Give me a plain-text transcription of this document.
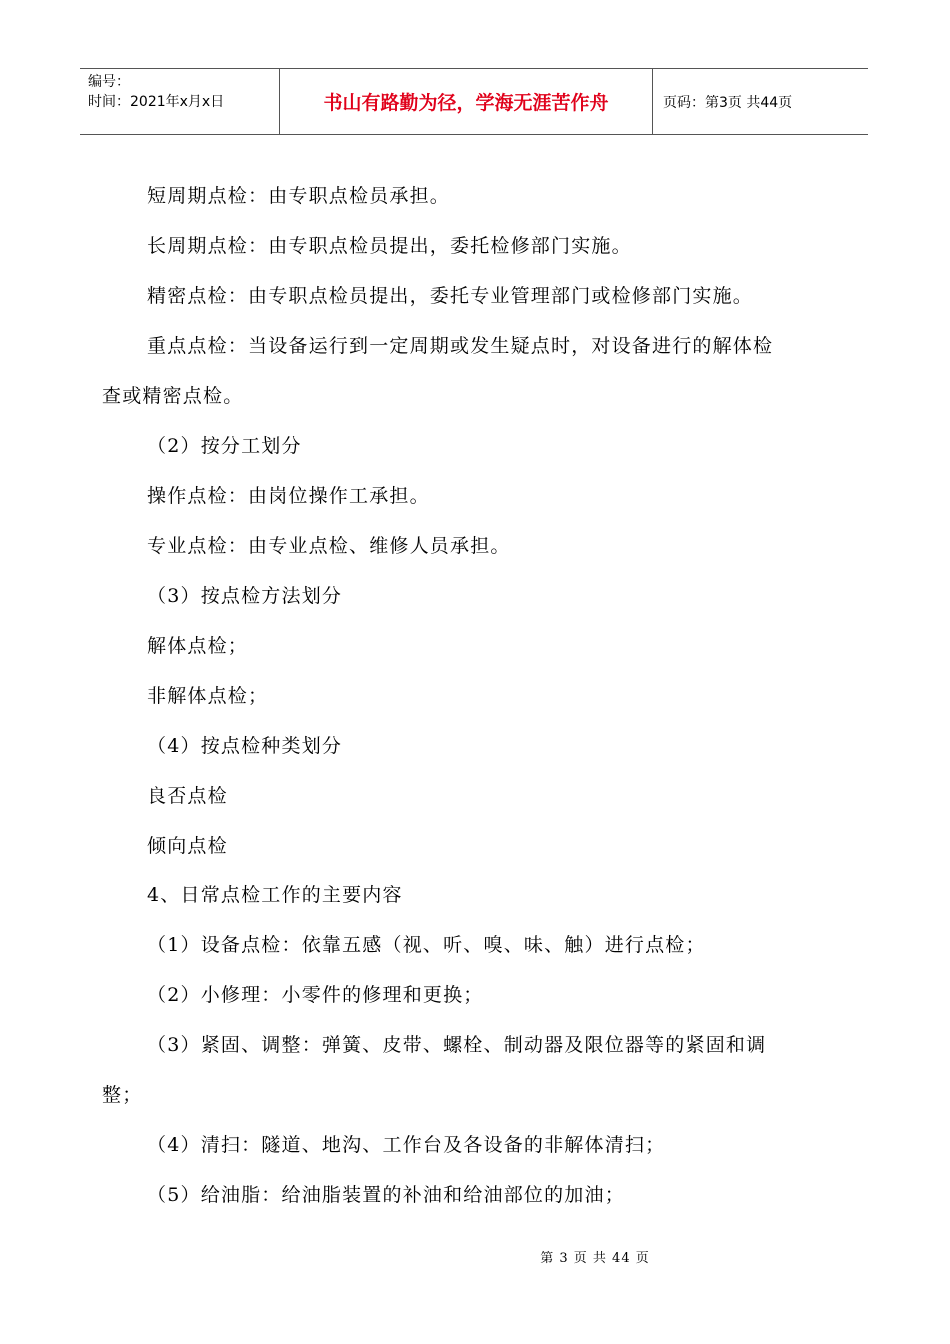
编号：
时间：2021年x月x日	书山有路勤为径，学海无涯苦作舟	页码：第3页 共44页
短周期点检：由专职点检员承担。
长周期点检：由专职点检员提出，委托检修部门实施。
精密点检：由专职点检员提出，委托专业管理部门或检修部门实施。
重点点检：当设备运行到一定周期或发生疑点时，对设备进行的解体检
查或精密点检。
（2）按分工划分
操作点检：由岗位操作工承担。
专业点检：由专业点检、维修人员承担。
（3）按点检方法划分
解体点检；
非解体点检；
（4）按点检种类划分
良否点检
倾向点检
4、日常点检工作的主要内容
（1）设备点检：依靠五感（视、听、嗅、味、触）进行点检；
（2）小修理：小零件的修理和更换；
（3）紧固、调整：弹簧、皮带、螺栓、制动器及限位器等的紧固和调
整；
（4）清扫：隧道、地沟、工作台及各设备的非解体清扫；
（5）给油脂：给油脂装置的补油和给油部位的加油；
第 3 页 共 44 页
